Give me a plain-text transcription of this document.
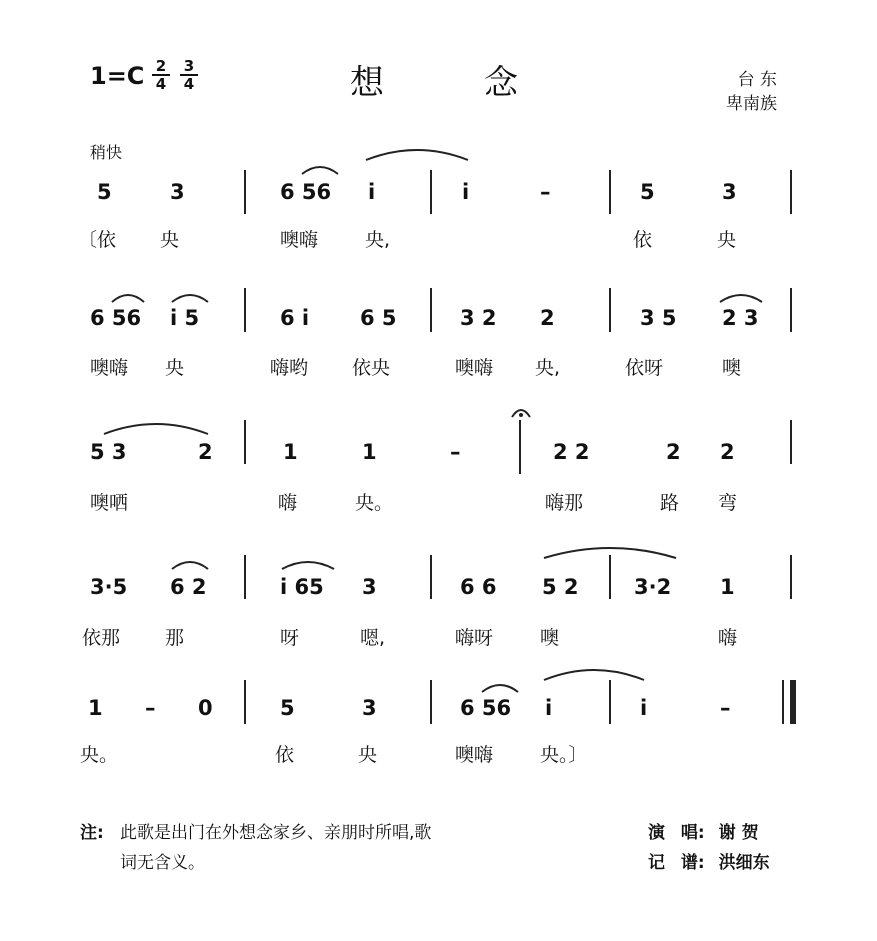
1=C 2
4
3
4	想	念	台 东
卑南族
稍快
5	3	6 56 i	i	–	5	3
〔依 央	噢嗨 央,	依	央
6 56 i 5	6 i 6 5	3 2 2	3 5 2 3
噢嗨 央	嗨哟 依央	噢嗨 央,	依呀	噢
5 3	2	1	1	–	2 2	2 2
噢哂	嗨	央。	嗨那	路 弯
3·5 6 2	i 65 3	6 6 5 2	3·2 1
依那 那	呀	嗯,	嗨呀 噢	嗨
1 – 0	5	3	6 56 i	i	–
央。	依	央	噢嗨 央。〕
注: 此歌是出门在外想念家乡、亲朋时所唱,歌
词无含义。
演 唱: 谢 贺
记 谱: 洪细东
